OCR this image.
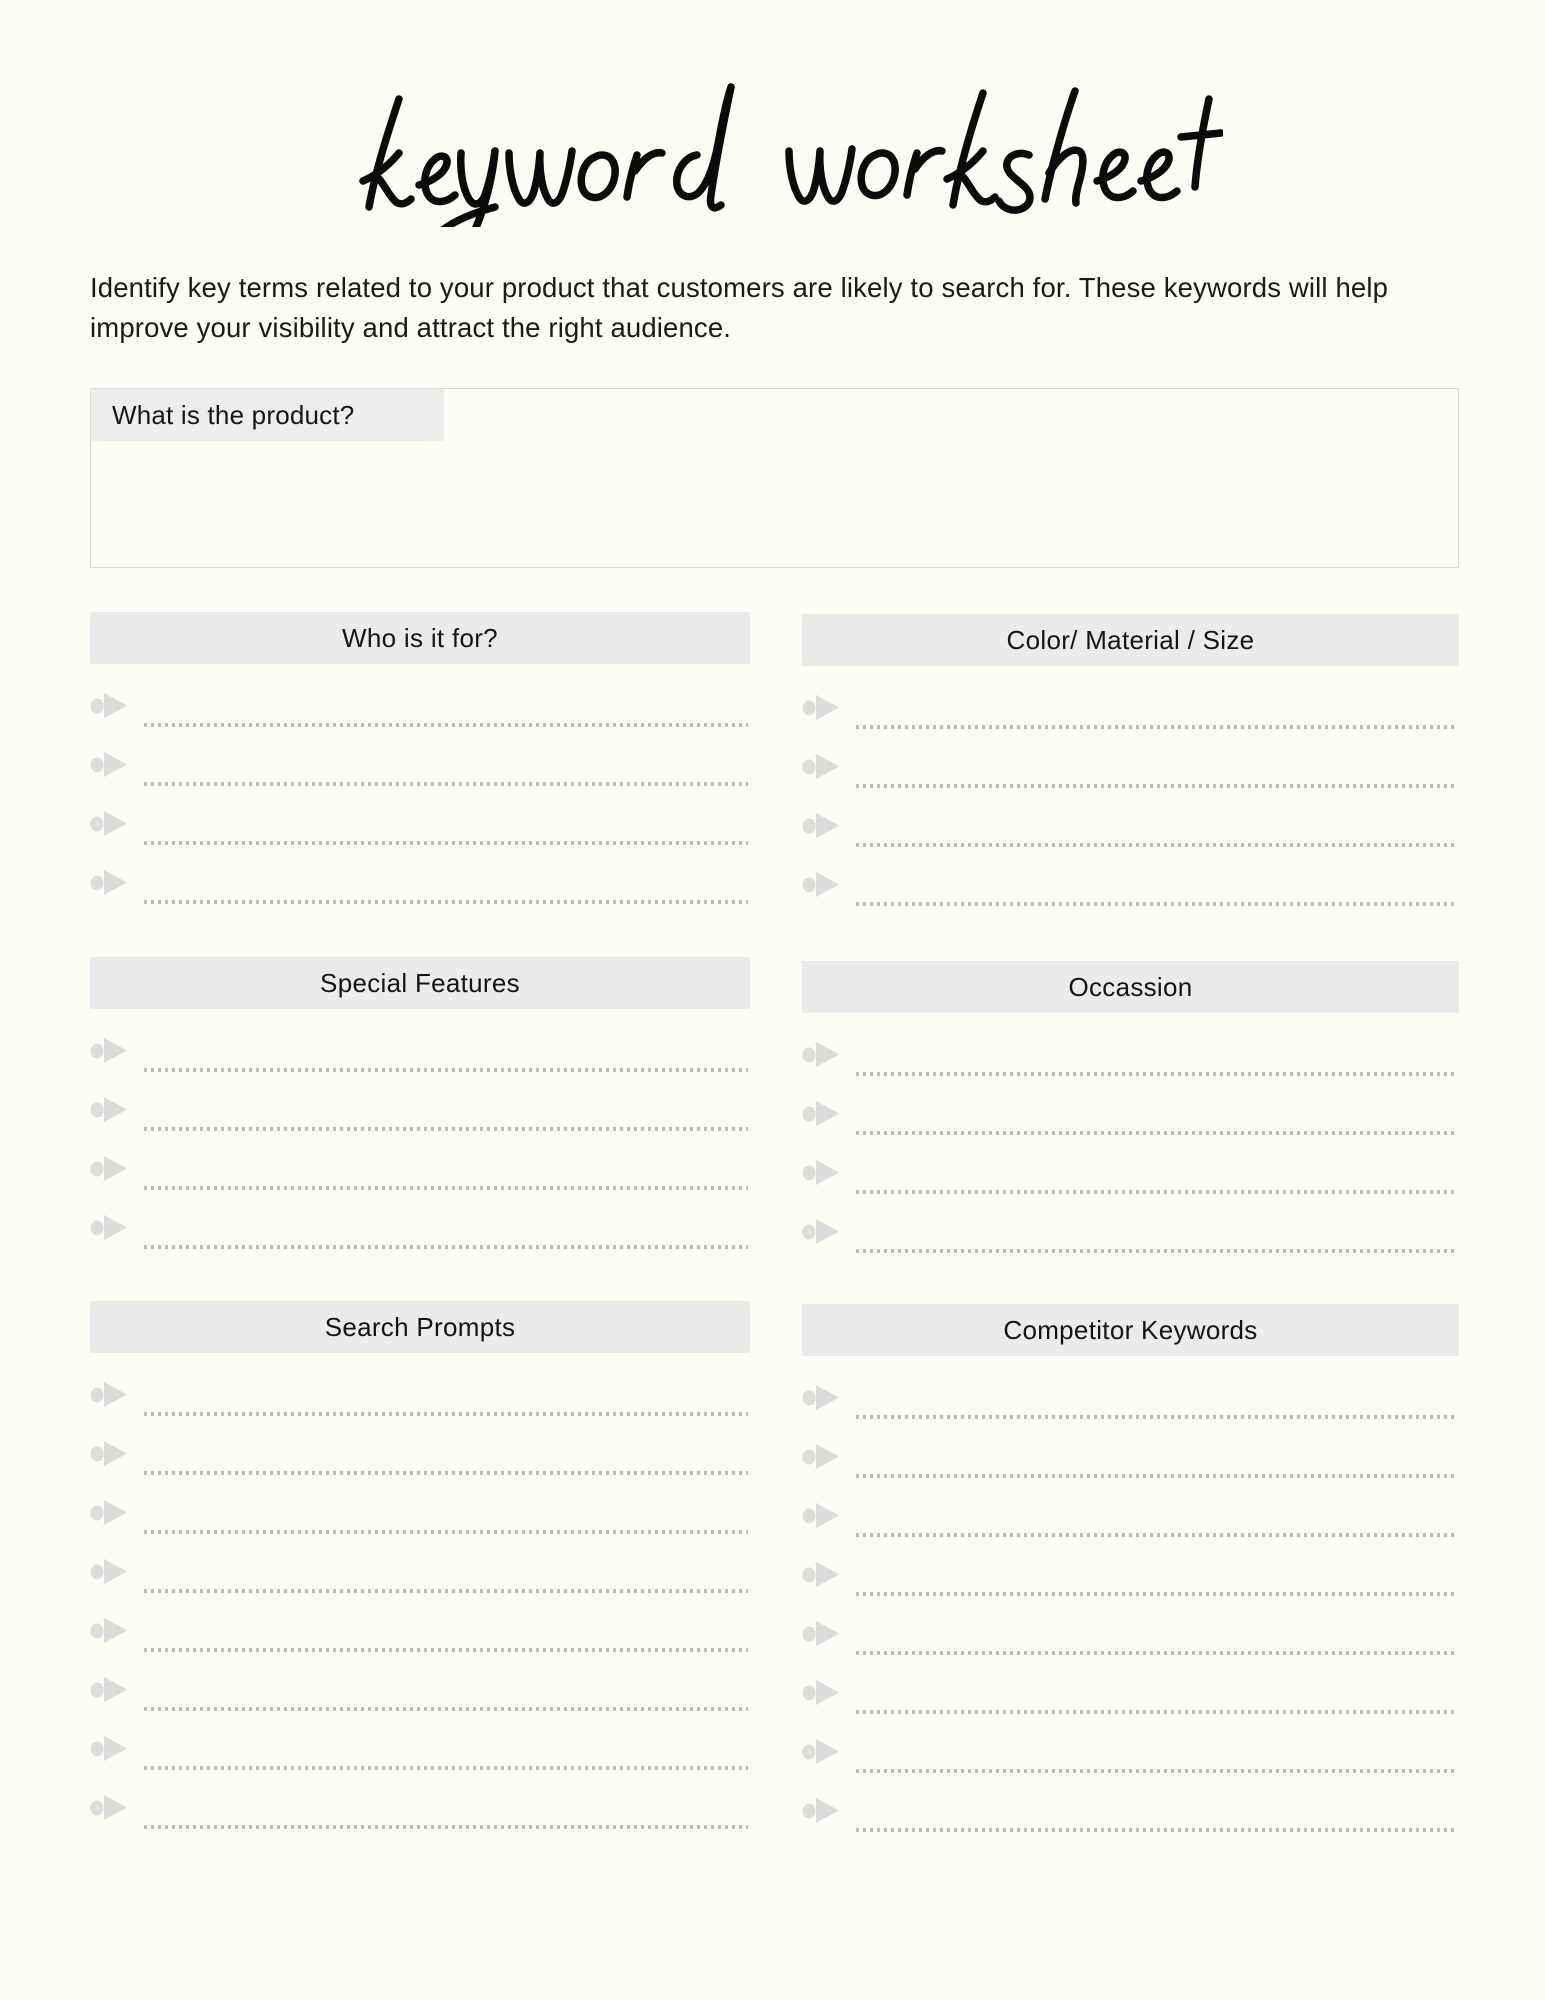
Identify key terms related to your product that customers are likely to search for. These keywords will help improve your visibility and attract the right audience.

What is the product?
Who is it for?	Color/ Material / Size
Special Features	Occassion
Search Prompts	Competitor Keywords
